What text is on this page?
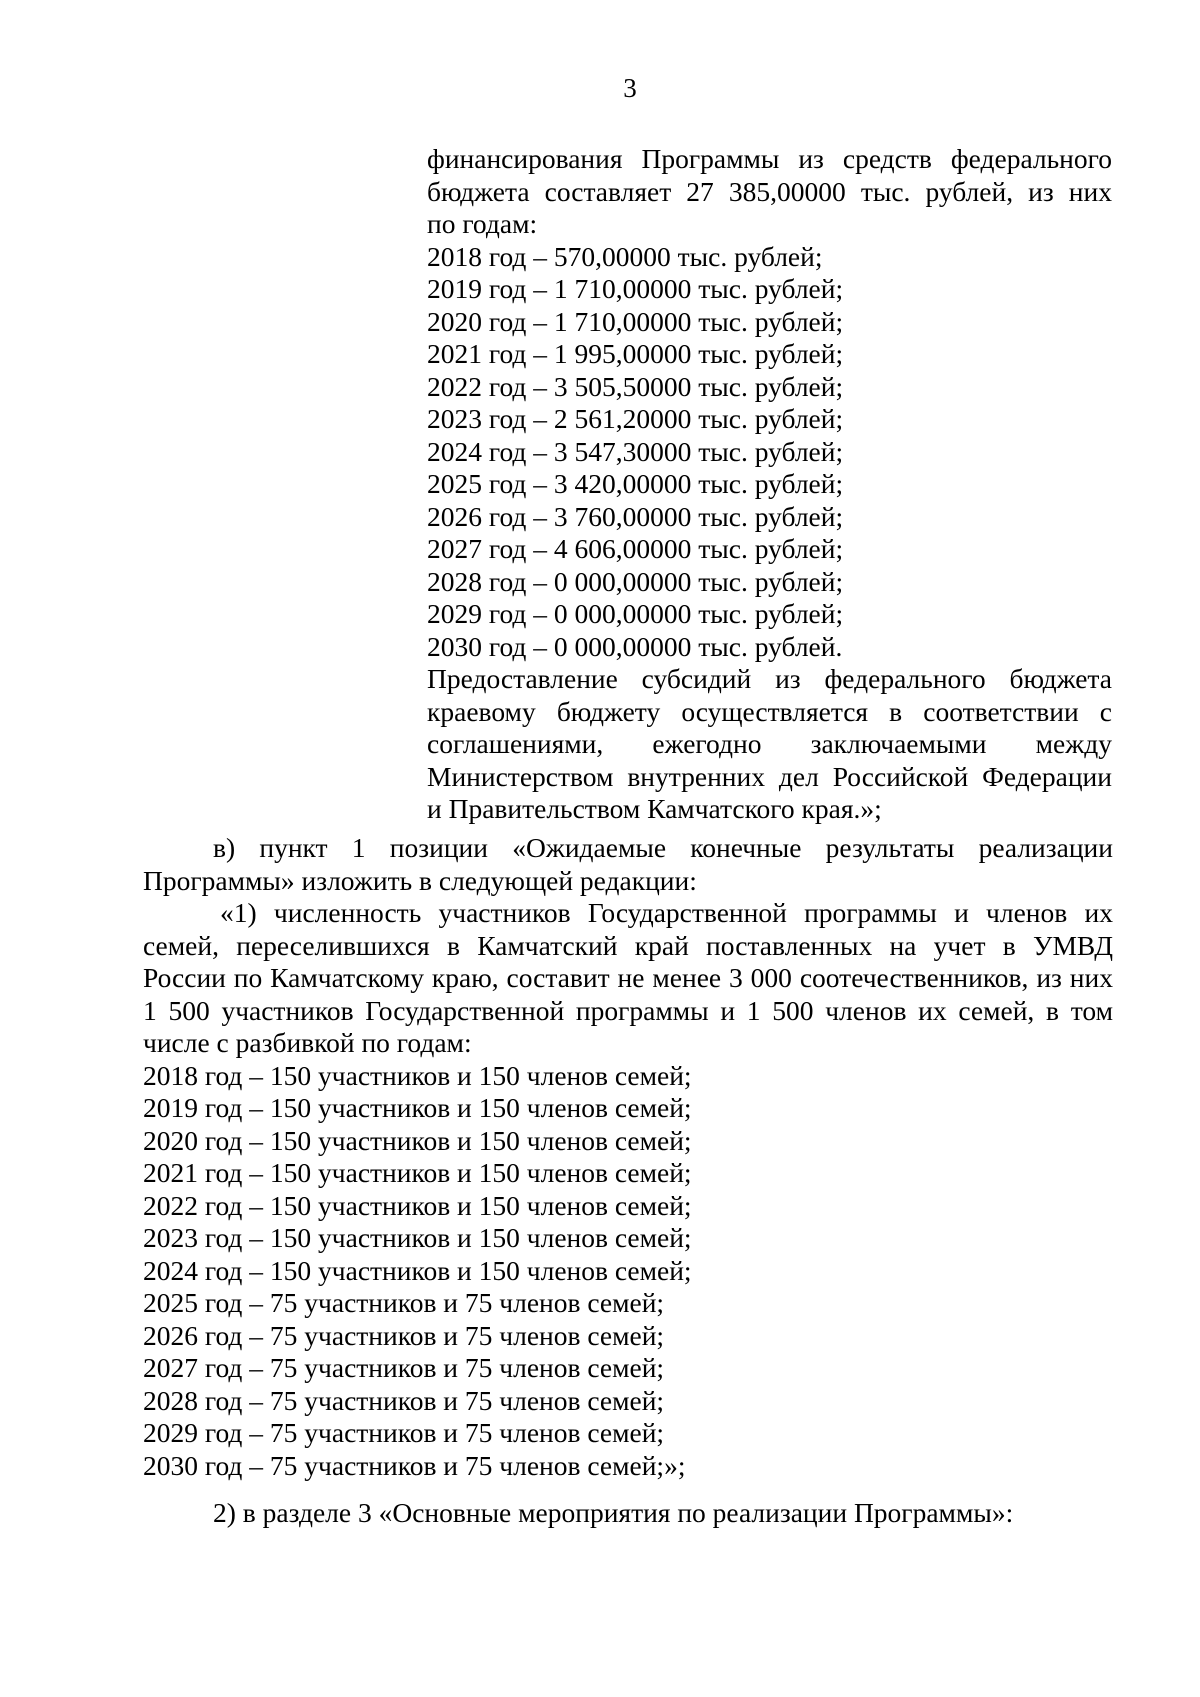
3
финансирования Программы из средств федерального
бюджета составляет 27 385,00000 тыс. рублей, из них
по годам:
2018 год – 570,00000 тыс. рублей;
2019 год – 1 710,00000 тыс. рублей;
2020 год – 1 710,00000 тыс. рублей;
2021 год – 1 995,00000 тыс. рублей;
2022 год – 3 505,50000 тыс. рублей;
2023 год – 2 561,20000 тыс. рублей;
2024 год – 3 547,30000 тыс. рублей;
2025 год – 3 420,00000 тыс. рублей;
2026 год – 3 760,00000 тыс. рублей;
2027 год – 4 606,00000 тыс. рублей;
2028 год – 0 000,00000 тыс. рублей;
2029 год – 0 000,00000 тыс. рублей;
2030 год – 0 000,00000 тыс. рублей.
Предоставление субсидий из федерального бюджета
краевому бюджету осуществляется в соответствии с
соглашениями, ежегодно заключаемыми между
Министерством внутренних дел Российской Федерации
и Правительством Камчатского края.»;
в) пункт 1 позиции «Ожидаемые конечные результаты реализации
Программы» изложить в следующей редакции:
«1) численность участников Государственной программы и членов их
семей, переселившихся в Камчатский край поставленных на учет в УМВД
России по Камчатскому краю, составит не менее 3 000 соотечественников, из них
1 500 участников Государственной программы и 1 500 членов их семей, в том
числе с разбивкой по годам:
2018 год – 150 участников и 150 членов семей;
2019 год – 150 участников и 150 членов семей;
2020 год – 150 участников и 150 членов семей;
2021 год – 150 участников и 150 членов семей;
2022 год – 150 участников и 150 членов семей;
2023 год – 150 участников и 150 членов семей;
2024 год – 150 участников и 150 членов семей;
2025 год – 75 участников и 75 членов семей;
2026 год – 75 участников и 75 членов семей;
2027 год – 75 участников и 75 членов семей;
2028 год – 75 участников и 75 членов семей;
2029 год – 75 участников и 75 членов семей;
2030 год – 75 участников и 75 членов семей;»;
2) в разделе 3 «Основные мероприятия по реализации Программы»:
